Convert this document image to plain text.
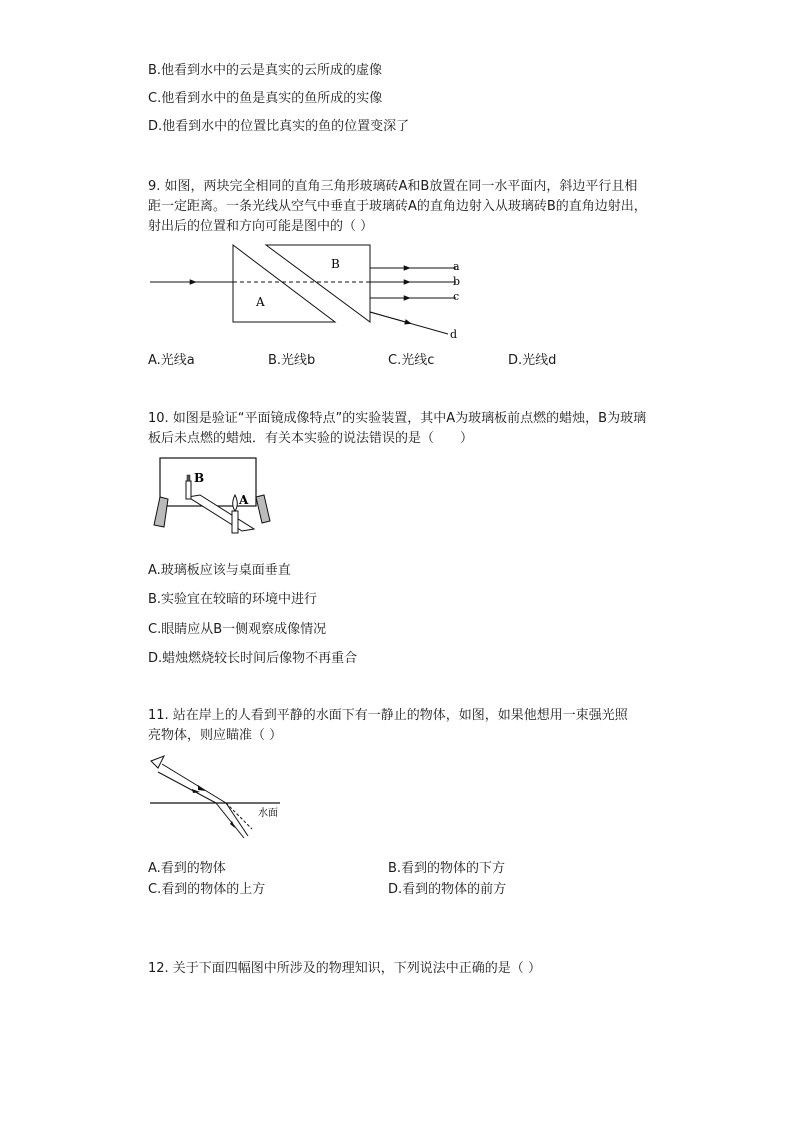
B.他看到水中的云是真实的云所成的虚像
C.他看到水中的鱼是真实的鱼所成的实像
D.他看到水中的位置比真实的鱼的位置变深了
9. 如图，两块完全相同的直角三角形玻璃砖A和B放置在同一水平面内，斜边平行且相
距一定距离。一条光线从空气中垂直于玻璃砖A的直角边射入从玻璃砖B的直角边射出，
射出后的位置和方向可能是图中的（ ）
B
A
a
b
c
d
A.光线a	B.光线b	C.光线c	D.光线d
10. 如图是验证“平面镜成像特点”的实验装置，其中A为玻璃板前点燃的蜡烛，B为玻璃
板后未点燃的蜡烛．有关本实验的说法错误的是（　　）
B
A
A.玻璃板应该与桌面垂直
B.实验宜在较暗的环境中进行
C.眼睛应从B一侧观察成像情况
D.蜡烛燃烧较长时间后像物不再重合
11. 站在岸上的人看到平静的水面下有一静止的物体，如图，如果他想用一束强光照
亮物体，则应瞄准（ ）
水面
A.看到的物体	B.看到的物体的下方
C.看到的物体的上方	D.看到的物体的前方
12. 关于下面四幅图中所涉及的物理知识，下列说法中正确的是（ ）
